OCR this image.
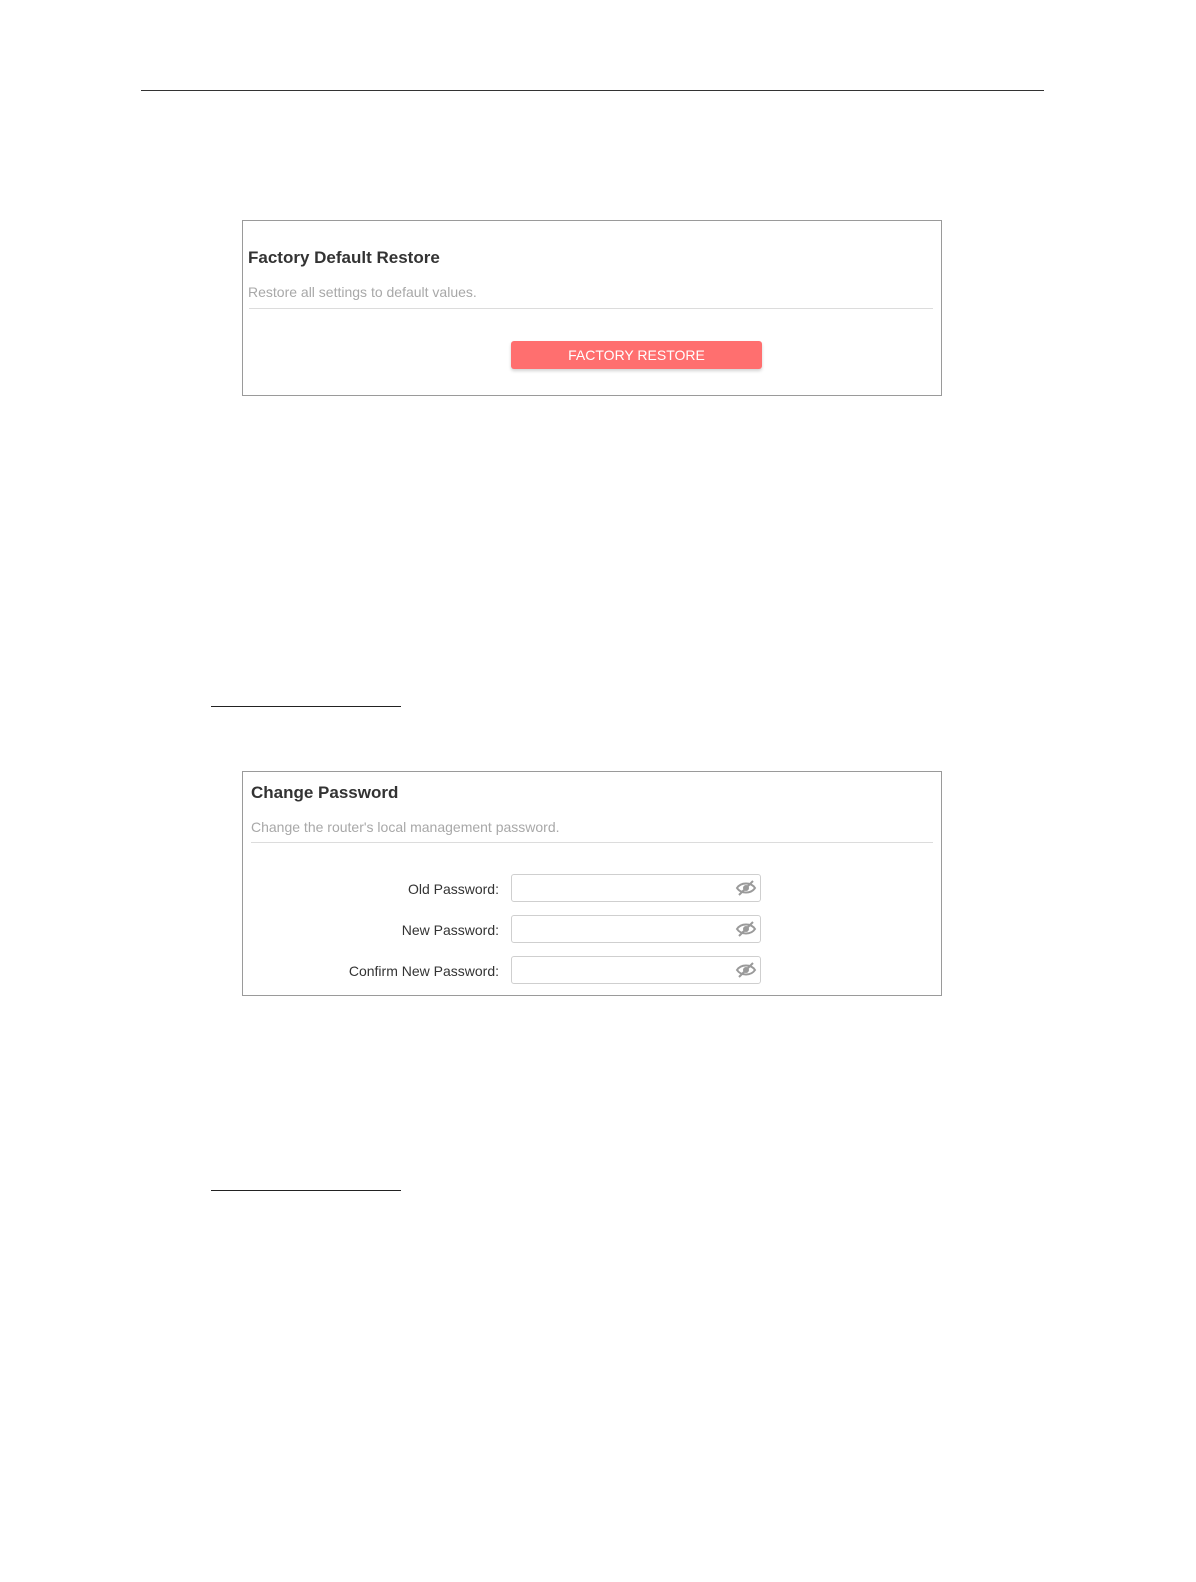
Factory Default Restore
Restore all settings to default values.
FACTORY RESTORE
Change Password
Change the router's local management password.
Old Password:
New Password:
Confirm New Password:
